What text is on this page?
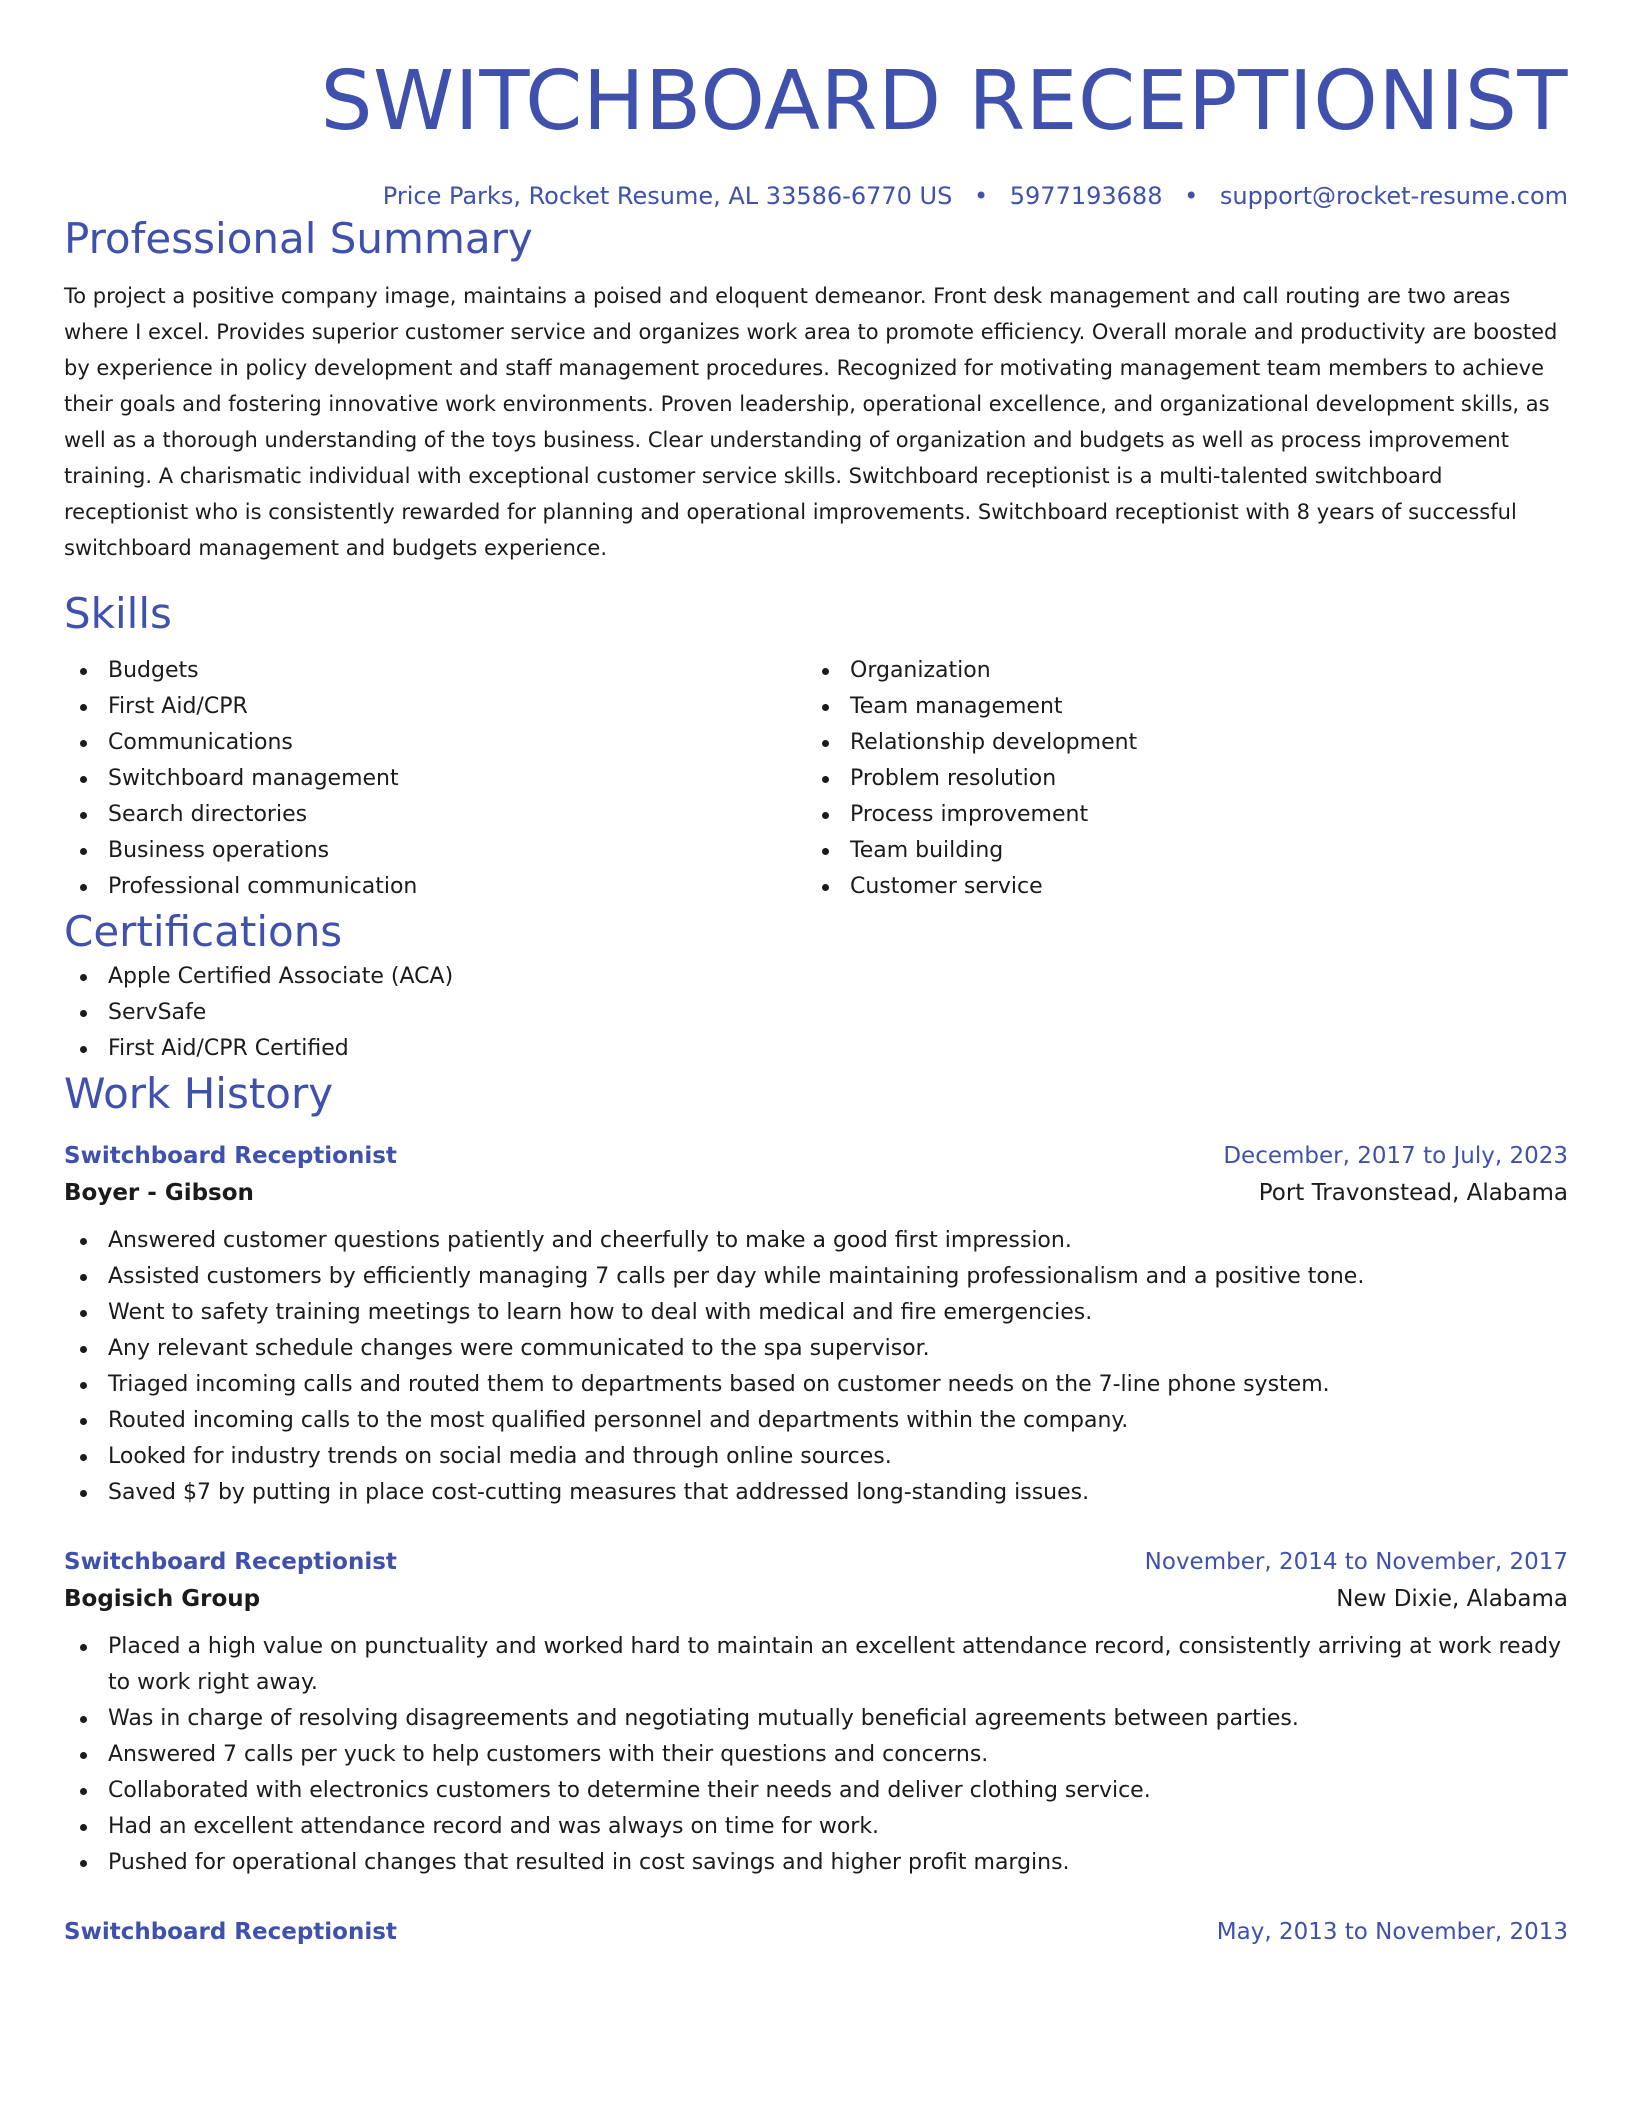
SWITCHBOARD RECEPTIONIST
Price Parks, Rocket Resume, AL 33586-6770 US • 5977193688 • support@rocket-resume.com
Professional Summary

To project a positive company image, maintains a poised and eloquent demeanor. Front desk management and call routing are two areas where I excel. Provides superior customer service and organizes work area to promote efficiency. Overall morale and productivity are boosted by experience in policy development and staff management procedures. Recognized for motivating management team members to achieve their goals and fostering innovative work environments. Proven leadership, operational excellence, and organizational development skills, as well as a thorough understanding of the toys business. Clear understanding of organization and budgets as well as process improvement training. A charismatic individual with exceptional customer service skills. Switchboard receptionist is a multi-talented switchboard receptionist who is consistently rewarded for planning and operational improvements. Switchboard receptionist with 8 years of successful switchboard management and budgets experience.

Skills
Budgets
First Aid/CPR
Communications
Switchboard management
Search directories
Business operations
Professional communication
Organization
Team management
Relationship development
Problem resolution
Process improvement
Team building
Customer service
Certifications
Apple Certified Associate (ACA)
ServSafe
First Aid/CPR Certified
Work History
Switchboard Receptionist	December, 2017 to July, 2023
Boyer - Gibson	Port Travonstead, Alabama
Answered customer questions patiently and cheerfully to make a good first impression.
Assisted customers by efficiently managing 7 calls per day while maintaining professionalism and a positive tone.
Went to safety training meetings to learn how to deal with medical and fire emergencies.
Any relevant schedule changes were communicated to the spa supervisor.
Triaged incoming calls and routed them to departments based on customer needs on the 7-line phone system.
Routed incoming calls to the most qualified personnel and departments within the company.
Looked for industry trends on social media and through online sources.
Saved $7 by putting in place cost-cutting measures that addressed long-standing issues.
Switchboard Receptionist	November, 2014 to November, 2017
Bogisich Group	New Dixie, Alabama
Placed a high value on punctuality and worked hard to maintain an excellent attendance record, consistently arriving at work ready to work right away.
Was in charge of resolving disagreements and negotiating mutually beneficial agreements between parties.
Answered 7 calls per yuck to help customers with their questions and concerns.
Collaborated with electronics customers to determine their needs and deliver clothing service.
Had an excellent attendance record and was always on time for work.
Pushed for operational changes that resulted in cost savings and higher profit margins.
Switchboard Receptionist	May, 2013 to November, 2013
